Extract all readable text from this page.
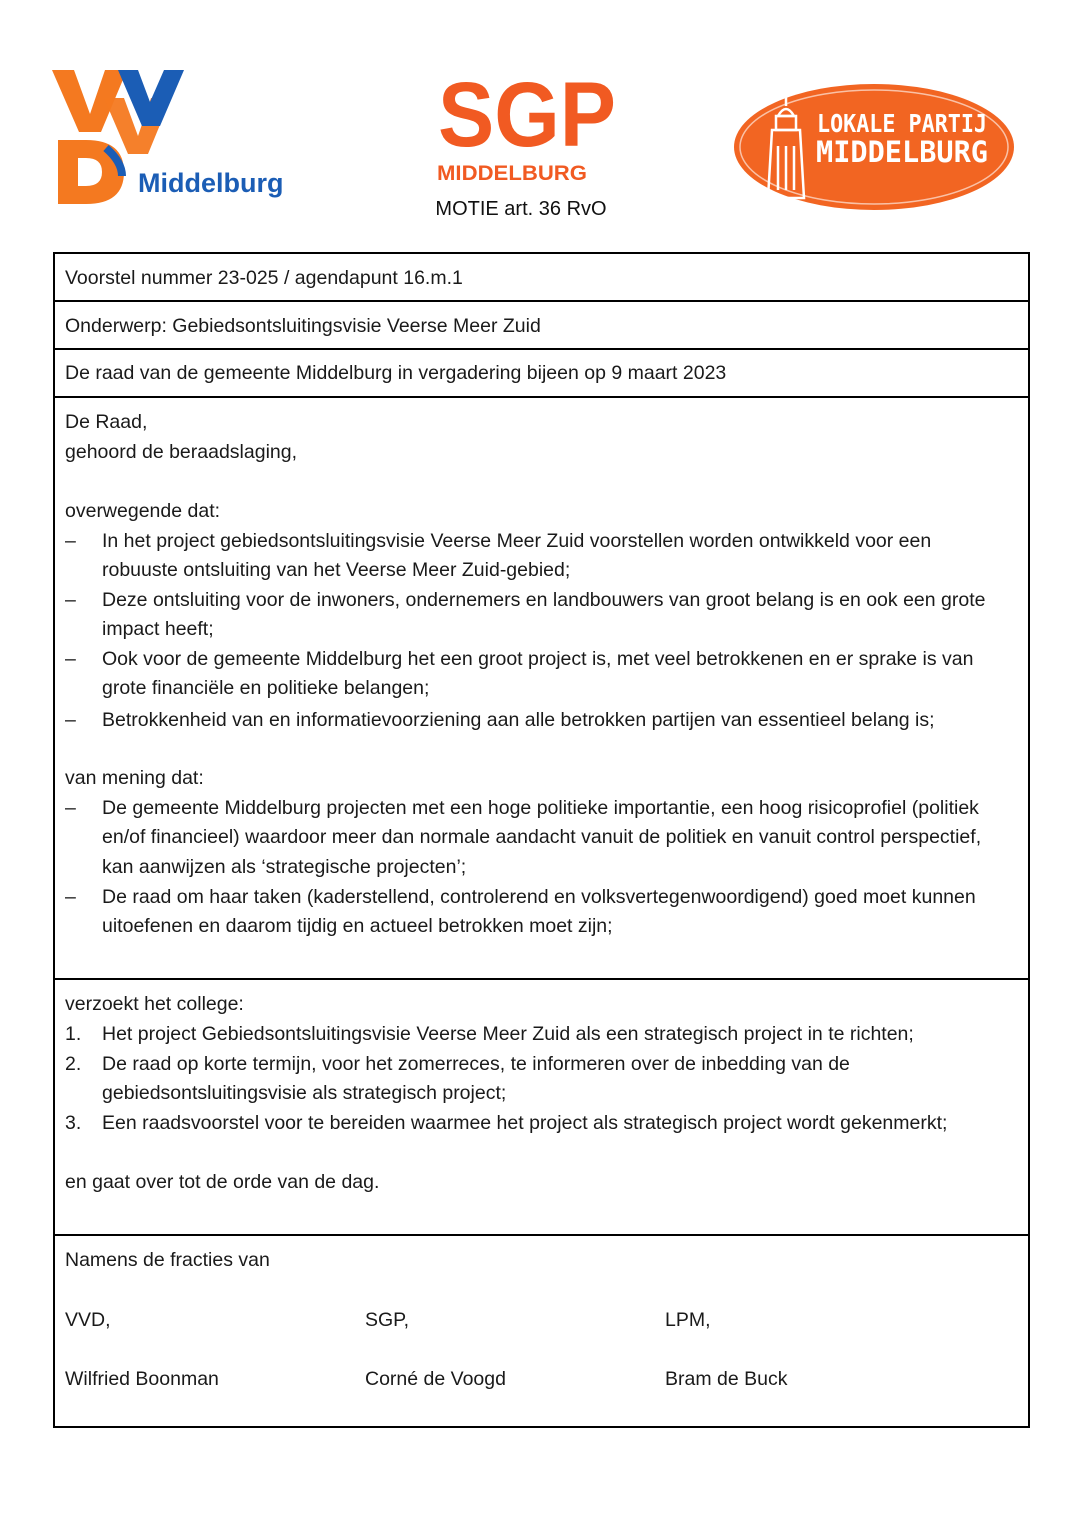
Middelburg
SGP
MIDDELBURG
LOKALE PARTIJ
MIDDELBURG
MOTIE art. 36 RvO
Voorstel nummer 23-025 / agendapunt 16.m.1
Onderwerp: Gebiedsontsluitingsvisie Veerse Meer Zuid
De raad van de gemeente Middelburg in vergadering bijeen op 9 maart 2023
De Raad,
gehoord de beraadslaging,
overwegende dat:
– In het project gebiedsontsluitingsvisie Veerse Meer Zuid voorstellen worden ontwikkeld voor een
robuuste ontsluiting van het Veerse Meer Zuid-gebied;
– Deze ontsluiting voor de inwoners, ondernemers en landbouwers van groot belang is en ook een grote
impact heeft;
– Ook voor de gemeente Middelburg het een groot project is, met veel betrokkenen en er sprake is van
grote financiële en politieke belangen;
– Betrokkenheid van en informatievoorziening aan alle betrokken partijen van essentieel belang is;
van mening dat:
– De gemeente Middelburg projecten met een hoge politieke importantie, een hoog risicoprofiel (politiek
en/of financieel) waardoor meer dan normale aandacht vanuit de politiek en vanuit control perspectief,
kan aanwijzen als ‘strategische projecten’;
– De raad om haar taken (kaderstellend, controlerend en volksvertegenwoordigend) goed moet kunnen
uitoefenen en daarom tijdig en actueel betrokken moet zijn;
verzoekt het college:
1. Het project Gebiedsontsluitingsvisie Veerse Meer Zuid als een strategisch project in te richten;
2. De raad op korte termijn, voor het zomerreces, te informeren over de inbedding van de
gebiedsontsluitingsvisie als strategisch project;
3. Een raadsvoorstel voor te bereiden waarmee het project als strategisch project wordt gekenmerkt;
en gaat over tot de orde van de dag.
Namens de fracties van
VVD,
Wilfried Boonman
SGP,
Corné de Voogd
LPM,
Bram de Buck
